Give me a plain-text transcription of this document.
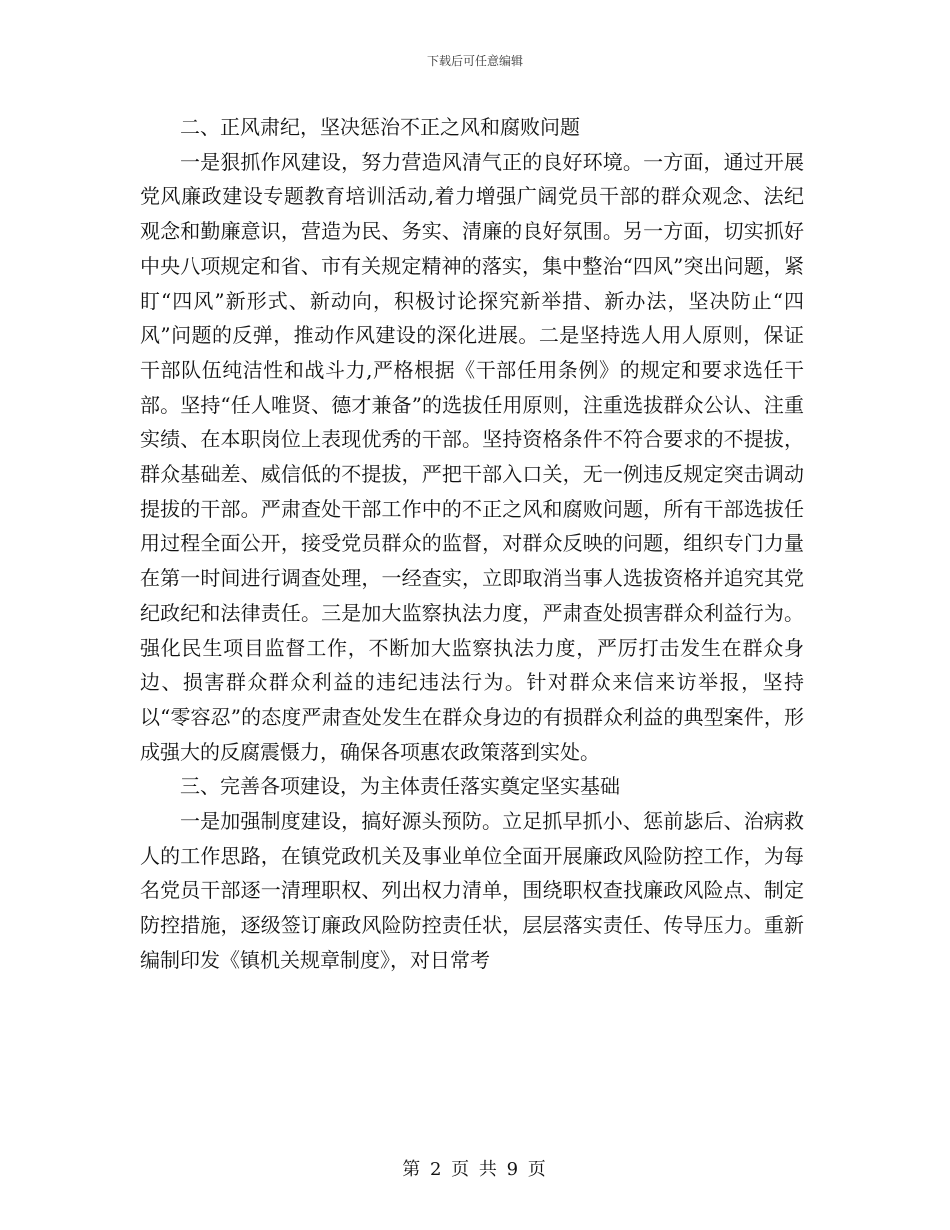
下载后可任意编辑

二、正风肃纪，坚决惩治不正之风和腐败问题

一是狠抓作风建设，努力营造风清气正的良好环境。一方面，通过开展党风廉政建设专题教育培训活动,着力增强广阔党员干部的群众观念、法纪观念和勤廉意识，营造为民、务实、清廉的良好氛围。另一方面，切实抓好中央八项规定和省、市有关规定精神的落实，集中整治“四风”突出问题，紧盯“四风”新形式、新动向，积极讨论探究新举措、新办法，坚决防止“四风”问题的反弹，推动作风建设的深化进展。二是坚持选人用人原则，保证干部队伍纯洁性和战斗力,严格根据《干部任用条例》的规定和要求选任干部。坚持“任人唯贤、德才兼备”的选拔任用原则，注重选拔群众公认、注重实绩、在本职岗位上表现优秀的干部。坚持资格条件不符合要求的不提拔，群众基础差、威信低的不提拔，严把干部入口关，无一例违反规定突击调动提拔的干部。严肃查处干部工作中的不正之风和腐败问题，所有干部选拔任用过程全面公开，接受党员群众的监督，对群众反映的问题，组织专门力量在第一时间进行调查处理，一经查实，立即取消当事人选拔资格并追究其党纪政纪和法律责任。三是加大监察执法力度，严肃查处损害群众利益行为。强化民生项目监督工作，不断加大监察执法力度，严厉打击发生在群众身边、损害群众群众利益的违纪违法行为。针对群众来信来访举报，坚持以“零容忍”的态度严肃查处发生在群众身边的有损群众利益的典型案件，形成强大的反腐震慑力，确保各项惠农政策落到实处。

三、完善各项建设，为主体责任落实奠定坚实基础

一是加强制度建设，搞好源头预防。立足抓早抓小、惩前毖后、治病救人的工作思路，在镇党政机关及事业单位全面开展廉政风险防控工作，为每名党员干部逐一清理职权、列出权力清单，围绕职权查找廉政风险点、制定防控措施，逐级签订廉政风险防控责任状，层层落实责任、传导压力。重新编制印发《镇机关规章制度》，对日常考

第 2 页 共 9 页
